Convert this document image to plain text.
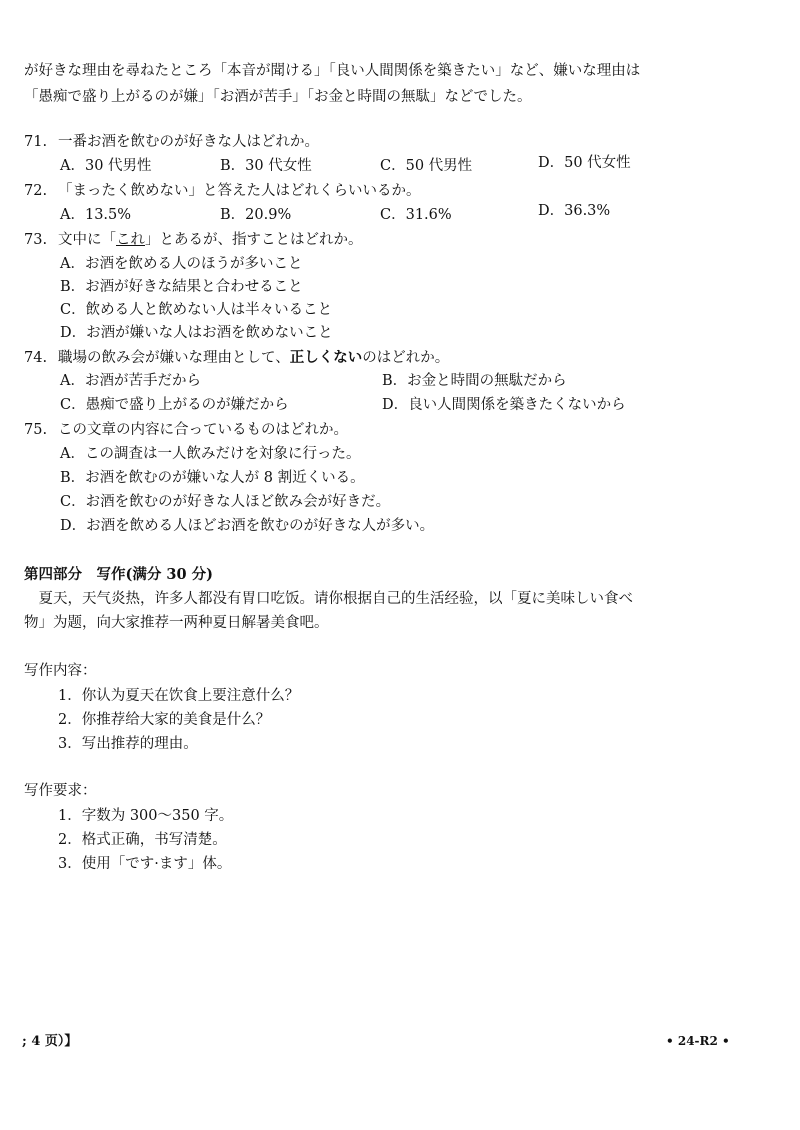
が好きな理由を尋ねたところ「本音が聞ける」「良い人間関係を築きたい」など、嫌いな理由は
「愚痴で盛り上がるのが嫌」「お酒が苦手」「お金と時間の無駄」などでした。
71. 一番お酒を飲むのが好きな人はどれか。
A．30 代男性	B．30 代女性	C．50 代男性	D．50 代女性
72. 「まったく飲めない」と答えた人はどれくらいいるか。
A．13.5%	B．20.9%	C．31.6%	D．36.3%
73. 文中に「これ」とあるが、指すことはどれか。
A．お酒を飲める人のほうが多いこと
B．お酒が好きな結果と合わせること
C．飲める人と飲めない人は半々いること
D．お酒が嫌いな人はお酒を飲めないこと
74. 職場の飲み会が嫌いな理由として、正しくないのはどれか。
A．お酒が苦手だから	B．お金と時間の無駄だから
C．愚痴で盛り上がるのが嫌だから	D．良い人間関係を築きたくないから
75. この文章の内容に合っているものはどれか。
A．この調査は一人飲みだけを対象に行った。
B．お酒を飲むのが嫌いな人が 8 割近くいる。
C．お酒を飲むのが好きな人ほど飲み会が好きだ。
D．お酒を飲める人ほどお酒を飲むのが好きな人が多い。
第四部分　写作(满分 30 分)
　夏天，天气炎热，许多人都没有胃口吃饭。请你根据自己的生活经验，以「夏に美味しい食べ
物」为题，向大家推荐一两种夏日解暑美食吧。
写作内容：
1．你认为夏天在饮食上要注意什么？
2．你推荐给大家的美食是什么？
3．写出推荐的理由。
写作要求：
1．字数为 300～350 字。
2．格式正确，书写清楚。
3．使用「です·ます」体。
; 4 页）】	• 24-R2 •
